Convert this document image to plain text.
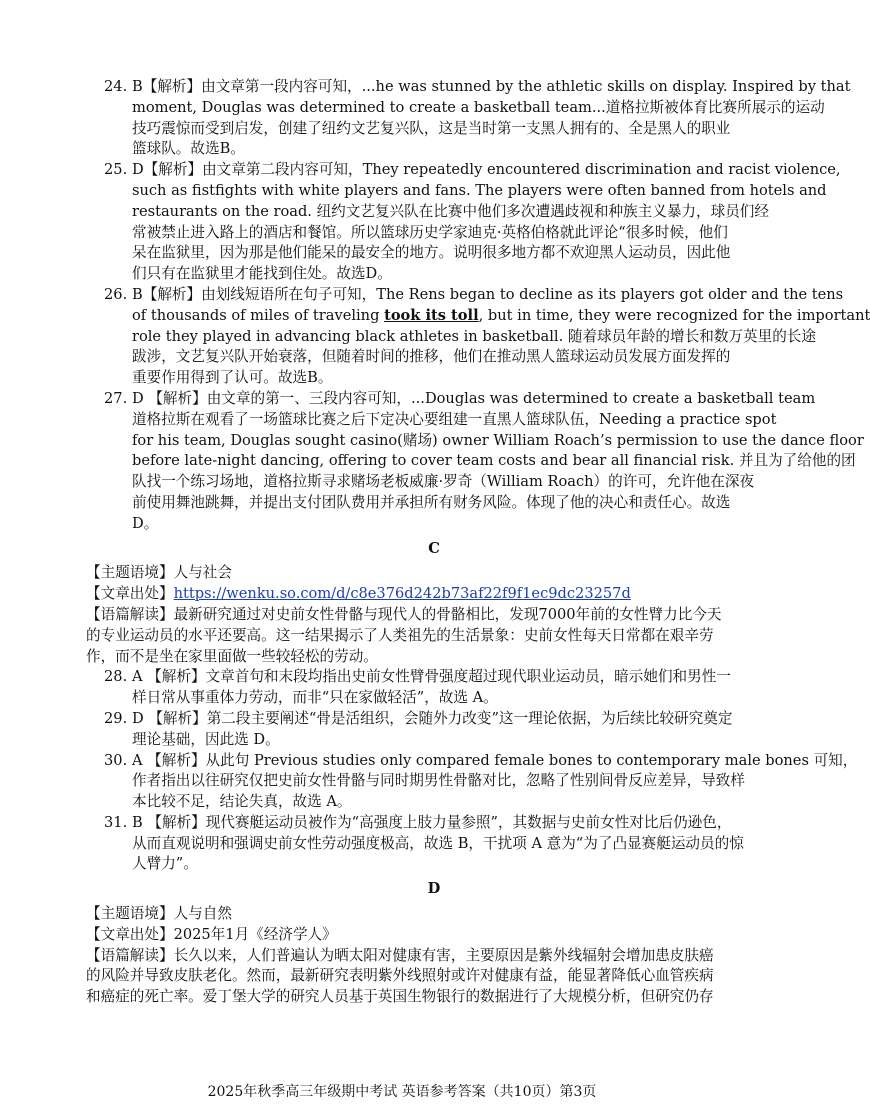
24. B【解析】由文章第一段内容可知，...he was stunned by the athletic skills on display. Inspired by that
moment, Douglas was determined to create a basketball team...道格拉斯被体育比赛所展示的运动
技巧震惊而受到启发，创建了纽约文艺复兴队，这是当时第一支黑人拥有的、全是黑人的职业
篮球队。故选B。

25. D【解析】由文章第二段内容可知，They repeatedly encountered discrimination and racist violence,
such as fistfights with white players and fans. The players were often banned from hotels and
restaurants on the road. 纽约文艺复兴队在比赛中他们多次遭遇歧视和种族主义暴力，球员们经
常被禁止进入路上的酒店和餐馆。所以篮球历史学家迪克·英格伯格就此评论“很多时候，他们
呆在监狱里，因为那是他们能呆的最安全的地方。说明很多地方都不欢迎黑人运动员，因此他
们只有在监狱里才能找到住处。故选D。

26. B【解析】由划线短语所在句子可知，The Rens began to decline as its players got older and the tens
of thousands of miles of traveling took its toll, but in time, they were recognized for the important
role they played in advancing black athletes in basketball. 随着球员年龄的增长和数万英里的长途
跋涉，文艺复兴队开始衰落，但随着时间的推移，他们在推动黑人篮球运动员发展方面发挥的
重要作用得到了认可。故选B。

27. D 【解析】由文章的第一、三段内容可知，...Douglas was determined to create a basketball team
道格拉斯在观看了一场篮球比赛之后下定决心要组建一直黑人篮球队伍，Needing a practice spot
for his team, Douglas sought casino(赌场) owner William Roach’s permission to use the dance floor
before late-night dancing, offering to cover team costs and bear all financial risk. 并且为了给他的团
队找一个练习场地，道格拉斯寻求赌场老板威廉·罗奇（William Roach）的许可，允许他在深夜
前使用舞池跳舞，并提出支付团队费用并承担所有财务风险。体现了他的决心和责任心。故选
D。

C

【主题语境】人与社会

【文章出处】https://wenku.so.com/d/c8e376d242b73af22f9f1ec9dc23257d

【语篇解读】最新研究通过对史前女性骨骼与现代人的骨骼相比，发现7000年前的女性臂力比今天

的专业运动员的水平还要高。这一结果揭示了人类祖先的生活景象：史前女性每天日常都在艰辛劳

作，而不是坐在家里面做一些较轻松的劳动。

28. A 【解析】文章首句和末段均指出史前女性臂骨强度超过现代职业运动员，暗示她们和男性一
样日常从事重体力劳动，而非“只在家做轻活”，故选 A。

29. D 【解析】第二段主要阐述“骨是活组织，会随外力改变”这一理论依据，为后续比较研究奠定
理论基础，因此选 D。

30. A 【解析】从此句 Previous studies only compared female bones to contemporary male bones 可知，
作者指出以往研究仅把史前女性骨骼与同时期男性骨骼对比，忽略了性别间骨反应差异，导致样
本比较不足，结论失真，故选 A。

31. B 【解析】现代赛艇运动员被作为“高强度上肢力量参照”，其数据与史前女性对比后仍逊色，
从而直观说明和强调史前女性劳动强度极高，故选 B，干扰项 A 意为“为了凸显赛艇运动员的惊
人臂力”。

D

【主题语境】人与自然

【文章出处】2025年1月《经济学人》

【语篇解读】长久以来，人们普遍认为晒太阳对健康有害，主要原因是紫外线辐射会增加患皮肤癌

的风险并导致皮肤老化。然而，最新研究表明紫外线照射或许对健康有益，能显著降低心血管疾病

和癌症的死亡率。爱丁堡大学的研究人员基于英国生物银行的数据进行了大规模分析，但研究仍存

2025年秋季高三年级期中考试 英语参考答案（共10页）第3页
